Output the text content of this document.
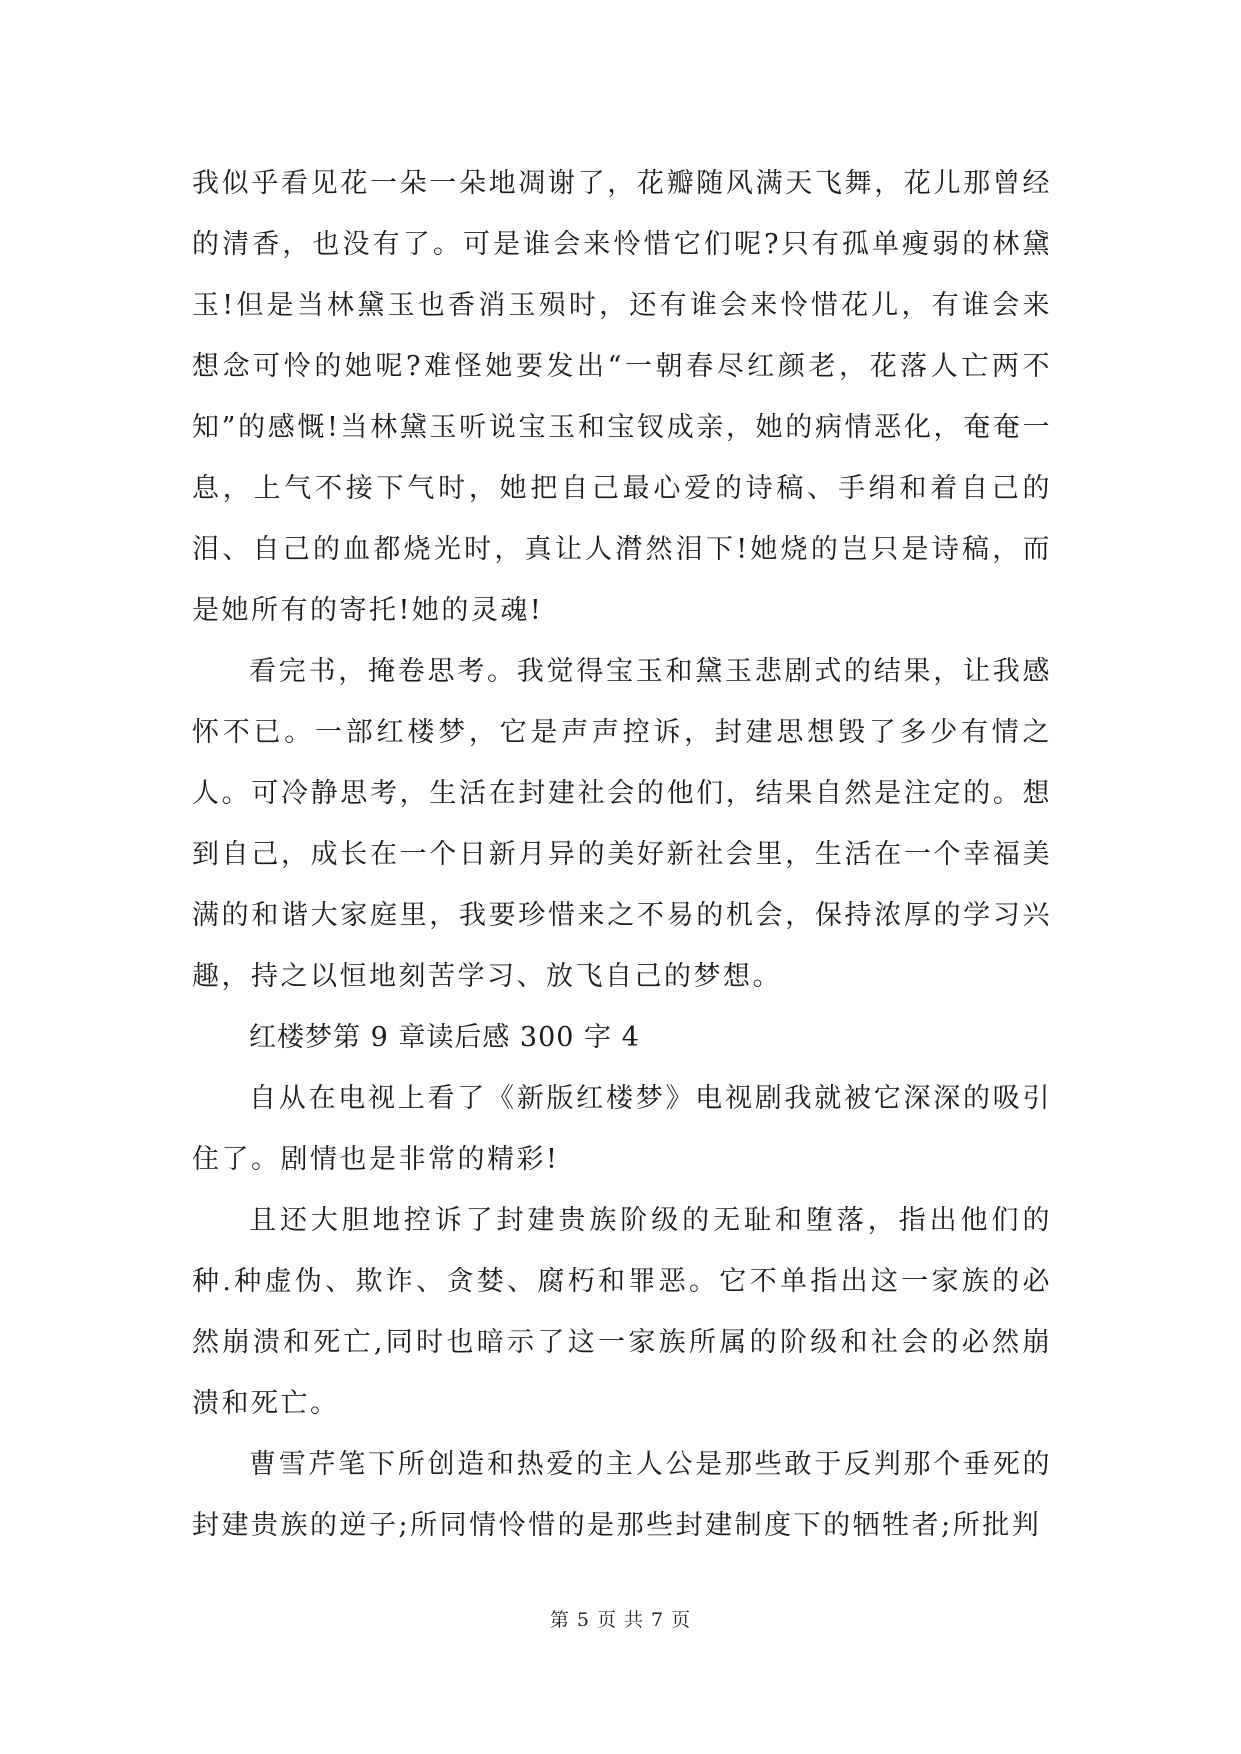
我似乎看见花一朵一朵地凋谢了，花瓣随风满天飞舞，花儿那曾经的清香，也没有了。可是谁会来怜惜它们呢?只有孤单瘦弱的林黛玉!但是当林黛玉也香消玉殒时，还有谁会来怜惜花儿，有谁会来想念可怜的她呢?难怪她要发出“一朝春尽红颜老，花落人亡两不知”的感慨!当林黛玉听说宝玉和宝钗成亲，她的病情恶化，奄奄一息，上气不接下气时，她把自己最心爱的诗稿、手绢和着自己的泪、自己的血都烧光时，真让人潸然泪下!她烧的岂只是诗稿，而是她所有的寄托!她的灵魂!

看完书，掩卷思考。我觉得宝玉和黛玉悲剧式的结果，让我感怀不已。一部红楼梦，它是声声控诉，封建思想毁了多少有情之人。可冷静思考，生活在封建社会的他们，结果自然是注定的。想到自己，成长在一个日新月异的美好新社会里，生活在一个幸福美满的和谐大家庭里，我要珍惜来之不易的机会，保持浓厚的学习兴趣，持之以恒地刻苦学习、放飞自己的梦想。

红楼梦第 9 章读后感 300 字 4

自从在电视上看了《新版红楼梦》电视剧我就被它深深的吸引住了。剧情也是非常的精彩!

且还大胆地控诉了封建贵族阶级的无耻和堕落，指出他们的种.种虚伪、欺诈、贪婪、腐朽和罪恶。它不单指出这一家族的必然崩溃和死亡,同时也暗示了这一家族所属的阶级和社会的必然崩溃和死亡。

曹雪芹笔下所创造和热爱的主人公是那些敢于反判那个垂死的封建贵族的逆子;所同情怜惜的是那些封建制度下的牺牲者;所批判

第 5 页 共 7 页
